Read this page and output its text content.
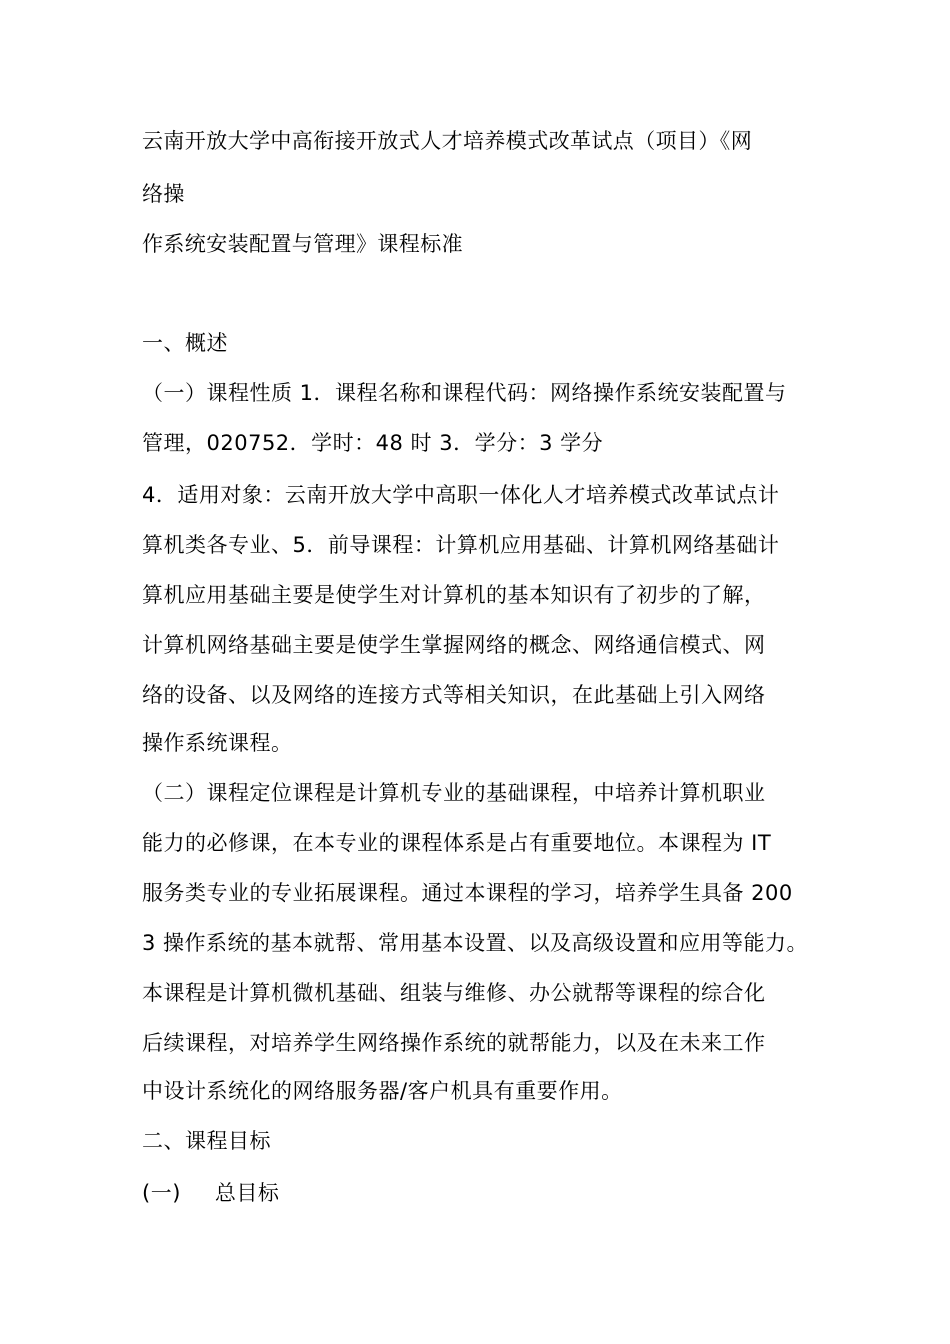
云南开放大学中高衔接开放式人才培养模式改革试点（项目）《网
络操
作系统安装配置与管理》课程标准
一、概述
（一）课程性质 1．课程名称和课程代码：网络操作系统安装配置与
管理，020752．学时：48 时 3．学分：3 学分
4．适用对象：云南开放大学中高职一体化人才培养模式改革试点计
算机类各专业、5．前导课程：计算机应用基础、计算机网络基础计
算机应用基础主要是使学生对计算机的基本知识有了初步的了解，
计算机网络基础主要是使学生掌握网络的概念、网络通信模式、网
络的设备、以及网络的连接方式等相关知识，在此基础上引入网络
操作系统课程。
（二）课程定位课程是计算机专业的基础课程，中培养计算机职业
能力的必修课，在本专业的课程体系是占有重要地位。本课程为 IT
服务类专业的专业拓展课程。通过本课程的学习，培养学生具备 200
3 操作系统的基本就帮、常用基本设置、以及高级设置和应用等能力。
本课程是计算机微机基础、组装与维修、办公就帮等课程的综合化
后续课程，对培养学生网络操作系统的就帮能力，以及在未来工作
中设计系统化的网络服务器/客户机具有重要作用。
二、课程目标
(一) 总目标
